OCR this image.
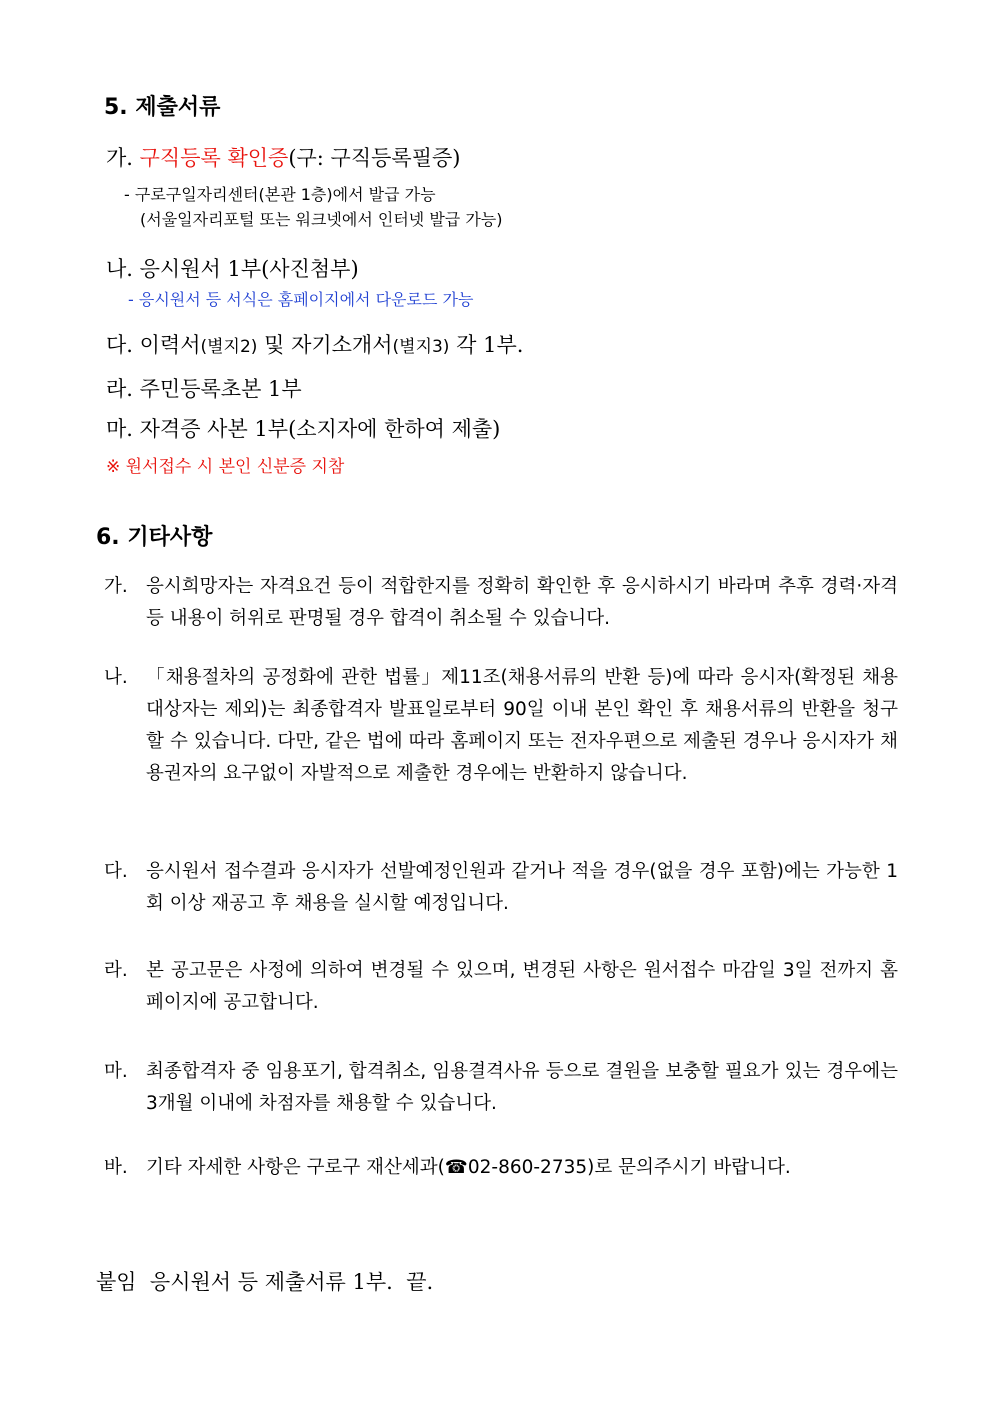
5. 제출서류
가. 구직등록 확인증(구: 구직등록필증)
- 구로구일자리센터(본관 1층)에서 발급 가능
(서울일자리포털 또는 워크넷에서 인터넷 발급 가능)
나. 응시원서 1부(사진첨부)
- 응시원서 등 서식은 홈페이지에서 다운로드 가능
다. 이력서(별지2) 및 자기소개서(별지3) 각 1부.
라. 주민등록초본 1부
마. 자격증 사본 1부(소지자에 한하여 제출)
※ 원서접수 시 본인 신분증 지참
6. 기타사항
가. 응시희망자는 자격요건 등이 적합한지를 정확히 확인한 후 응시하시기 바라며 추후 경력·자격 등 내용이 허위로 판명될 경우 합격이 취소될 수 있습니다.
나. 「채용절차의 공정화에 관한 법률」제11조(채용서류의 반환 등)에 따라 응시자(확정된 채용대상자는 제외)는 최종합격자 발표일로부터 90일 이내 본인 확인 후 채용서류의 반환을 청구할 수 있습니다. 다만, 같은 법에 따라 홈페이지 또는 전자우편으로 제출된 경우나 응시자가 채용권자의 요구없이 자발적으로 제출한 경우에는 반환하지 않습니다.
다. 응시원서 접수결과 응시자가 선발예정인원과 같거나 적을 경우(없을 경우 포함)에는 가능한 1회 이상 재공고 후 채용을 실시할 예정입니다.
라. 본 공고문은 사정에 의하여 변경될 수 있으며, 변경된 사항은 원서접수 마감일 3일 전까지 홈페이지에 공고합니다.
마. 최종합격자 중 임용포기, 합격취소, 임용결격사유 등으로 결원을 보충할 필요가 있는 경우에는 3개월 이내에 차점자를 채용할 수 있습니다.
바. 기타 자세한 사항은 구로구 재산세과(☎02-860-2735)로 문의주시기 바랍니다.
붙임  응시원서 등 제출서류 1부.  끝.
